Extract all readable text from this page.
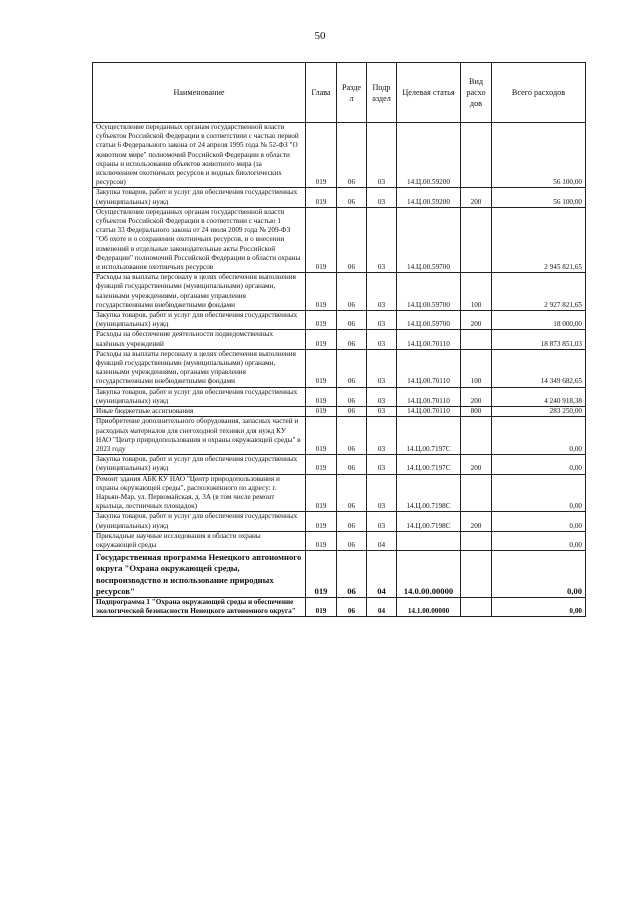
50
Наименование	Глава	Разде л	Подр аздел	Целевая статья	Вид расхо дов	Всего расходов
Осуществление переданных органам государственной власти субъектов Российской Федерации в соответствии с частью первой статьи 6 Федерального закона от 24 апреля 1995 года № 52-ФЗ "О животном мире" полномочий Российской Федерации в области охраны и использования объектов животного мира (за исключением охотничьих ресурсов и водных биологических ресурсов)	019	06	03	14.Ц.00.59200		56 100,00
Закупка товаров, работ и услуг для обеспечения государственных (муниципальных) нужд	019	06	03	14.Ц.00.59200	200	56 100,00
Осуществление переданных органам государственной власти субъектов Российской Федерации в соответствии с частью 1 статьи 33 Федерального закона от 24 июля 2009 года № 209-ФЗ "Об охоте и о сохранении охотничьих ресурсов, и о внесении изменений в отдельные законодательные акты Российской Федерации" полномочий Российской Федерации в области охраны и использования охотничьих ресурсов	019	06	03	14.Ц.00.59700		2 945 821,65
Расходы на выплаты персоналу в целях обеспечения выполнения функций государственными (муниципальными) органами, казенными учреждениями, органами управления государственными внебюджетными фондами	019	06	03	14.Ц.00.59700	100	2 927 821,65
Закупка товаров, работ и услуг для обеспечения государственных (муниципальных) нужд	019	06	03	14.Ц.00.59700	200	18 000,00
Расходы на обеспечение деятельности подведомственных казённых учреждений	019	06	03	14.Ц.00.70110		18 873 851,03
Расходы на выплаты персоналу в целях обеспечения выполнения функций государственными (муниципальными) органами, казенными учреждениями, органами управления государственными внебюджетными фондами	019	06	03	14.Ц.00.70110	100	14 349 682,65
Закупка товаров, работ и услуг для обеспечения государственных (муниципальных) нужд	019	06	03	14.Ц.00.70110	200	4 240 918,38
Иные бюджетные ассигнования	019	06	03	14.Ц.00.70110	800	283 250,00
Приобретение дополнительного оборудования, запасных частей и расходных материалов для снегоходной техники для нужд КУ НАО "Центр природопользования и охраны окружающей среды" в 2023 году	019	06	03	14.Ц.00.7197С		0,00
Закупка товаров, работ и услуг для обеспечения государственных (муниципальных) нужд	019	06	03	14.Ц.00.7197С	200	0,00
Ремонт здания АБК КУ НАО "Центр природопользования и охраны окружающей среды", расположенного по адресу: г. Нарьян-Мар, ул. Первомайская, д. 3А (в том числе ремонт крыльца, лестничных площадок)	019	06	03	14.Ц.00.7198С		0,00
Закупка товаров, работ и услуг для обеспечения государственных (муниципальных) нужд	019	06	03	14.Ц.00.7198С	200	0,00
Прикладные научные исследования в области охраны окружающей среды	019	06	04			0,00
Государственная программа Ненецкого автономного округа "Охрана окружающей среды, воспроизводство и использование природных ресурсов"	019	06	04	14.0.00.00000		0,00
Подпрограмма 1 "Охрана окружающей среды и обеспечение экологической безопасности Ненецкого автономного округа"	019	06	04	14.1.00.00000		0,00
